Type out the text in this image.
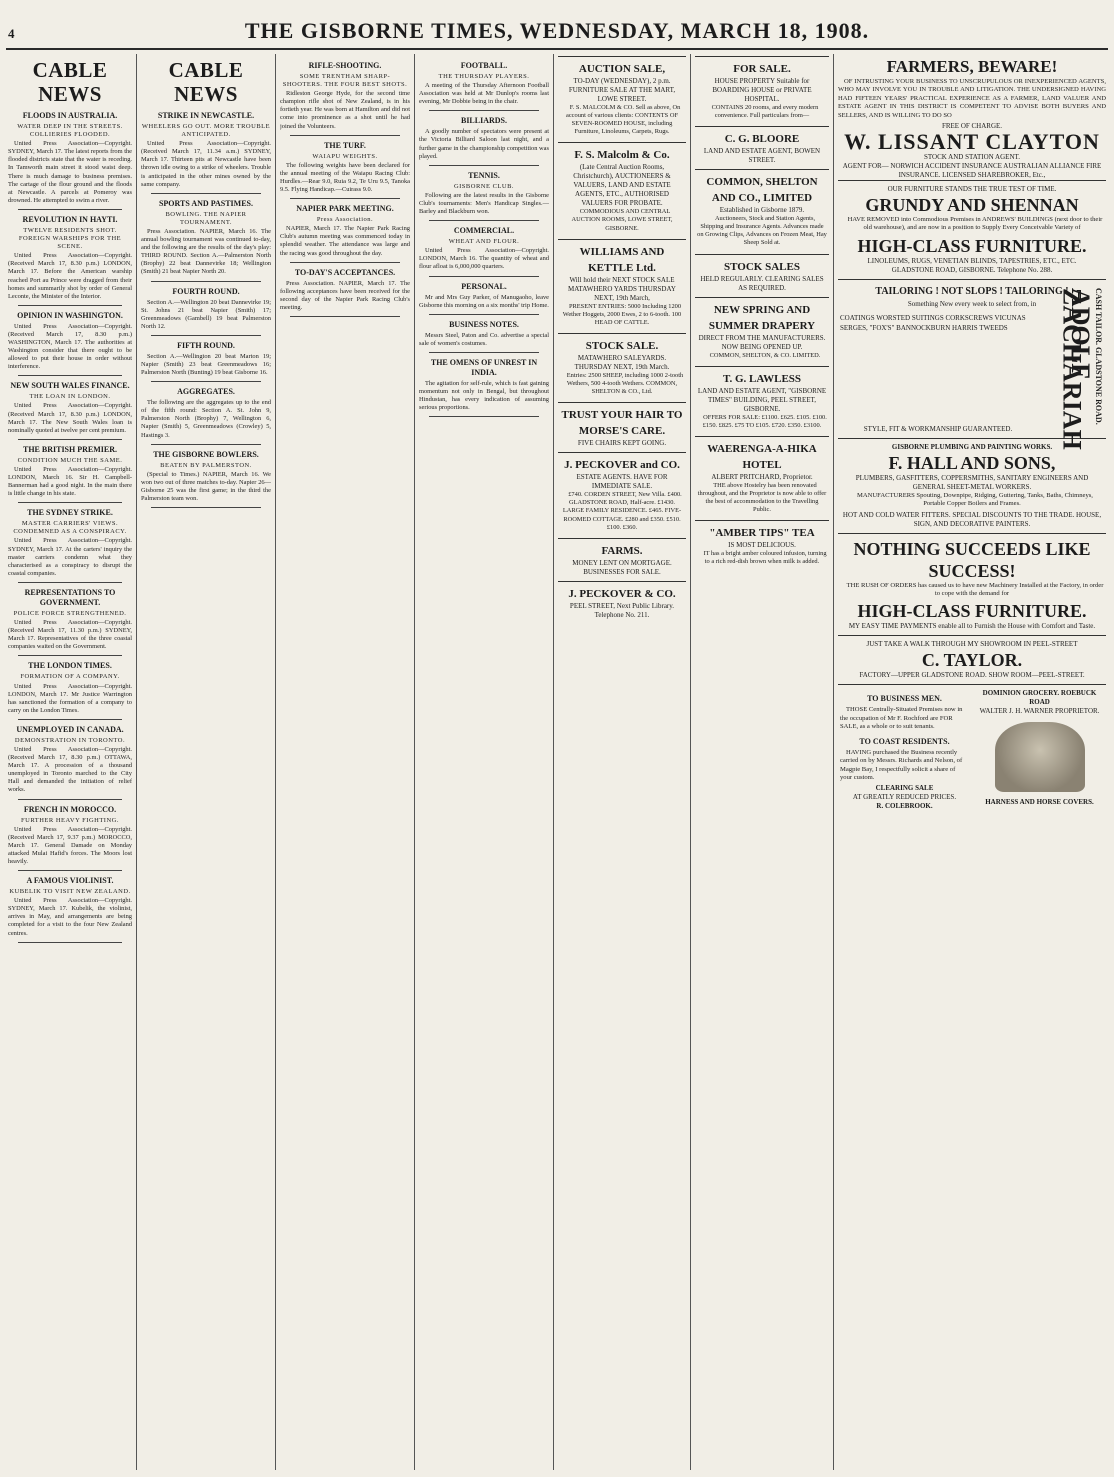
4	THE GISBORNE TIMES, WEDNESDAY, MARCH 18, 1908.
CABLE NEWS
FLOODS IN AUSTRALIA.
WATER DEEP IN THE STREETS. COLLIERIES FLOODED.

United Press Association—Copyright. SYDNEY, March 17. The latest reports from the flooded districts state that the water is receding. In Tamworth main street it stood waist deep. There is much damage to business premises. The cartage of the flour ground and the floods at Newcastle. A parcels at Pomeroy was drowned. He attempted to swim a river.

REVOLUTION IN HAYTI.
TWELVE RESIDENTS SHOT. FOREIGN WARSHIPS FOR THE SCENE.

United Press Association—Copyright. (Received March 17, 8.30 p.m.) LONDON, March 17. Before the American warship reached Port au Prince were dragged from their homes and summarily shot by order of General Leconte, the Minister of the Interior.

OPINION IN WASHINGTON.

United Press Association—Copyright. (Received March 17, 8.30 p.m.) WASHINGTON, March 17. The authorities at Washington consider that there ought to be allowed to put their house in order without interference.

NEW SOUTH WALES FINANCE.
THE LOAN IN LONDON.

United Press Association—Copyright. (Received March 17, 8.30 p.m.) LONDON, March 17. The New South Wales loan is nominally quoted at twelve per cent premium.

THE BRITISH PREMIER.
CONDITION MUCH THE SAME.

United Press Association—Copyright. LONDON, March 16. Sir H. Campbell-Bannerman had a good night. In the main there is little change in his state.

THE SYDNEY STRIKE.
MASTER CARRIERS' VIEWS. CONDEMNED AS A CONSPIRACY.

United Press Association—Copyright. SYDNEY, March 17. At the carters' inquiry the master carriers condemn what they characterised as a conspiracy to disrupt the coastal companies.

REPRESENTATIONS TO GOVERNMENT.
POLICE FORCE STRENGTHENED.

United Press Association—Copyright. (Received March 17, 11.30 p.m.) SYDNEY, March 17. Representatives of the three coastal companies waited on the Government.

THE LONDON TIMES.
FORMATION OF A COMPANY.

United Press Association—Copyright. LONDON, March 17. Mr Justice Warrington has sanctioned the formation of a company to carry on the London Times.

UNEMPLOYED IN CANADA.
DEMONSTRATION IN TORONTO.

United Press Association—Copyright. (Received March 17, 8.30 p.m.) OTTAWA, March 17. A procession of a thousand unemployed in Toronto marched to the City Hall and demanded the initiation of relief works.

FRENCH IN MOROCCO.
FURTHER HEAVY FIGHTING.

United Press Association—Copyright. (Received March 17, 9.37 p.m.) MOROCCO, March 17. General Damade on Monday attacked Mulai Hafid's forces. The Moors lost heavily.

A FAMOUS VIOLINIST.
KUBELIK TO VISIT NEW ZEALAND.

United Press Association—Copyright. SYDNEY, March 17. Kubelik, the violinist, arrives in May, and arrangements are being completed for a visit to the four New Zealand centres.

CABLE NEWS
STRIKE IN NEWCASTLE.
WHEELERS GO OUT. MORE TROUBLE ANTICIPATED.

United Press Association—Copyright. (Received March 17, 11.34 a.m.) SYDNEY, March 17. Thirteen pits at Newcastle have been thrown idle owing to a strike of wheelers. Trouble is anticipated in the other mines owned by the same company.

SPORTS AND PASTIMES.
BOWLING. THE NAPIER TOURNAMENT.

Press Association. NAPIER, March 16. The annual bowling tournament was continued to-day, and the following are the results of the day's play: THIRD ROUND. Section A.—Palmerston North (Brophy) 22 beat Dannevirke 18; Wellington (Smith) 21 beat Napier North 20.

FOURTH ROUND.

Section A.—Wellington 20 beat Dannevirke 19; St. Johns 21 beat Napier (Smith) 17; Greenmeadows (Gambell) 19 beat Palmerston North 12.

FIFTH ROUND.

Section A.—Wellington 20 beat Marton 19; Napier (Smith) 23 beat Greenmeadows 16; Palmerston North (Bunting) 19 beat Gisborne 16.

AGGREGATES.

The following are the aggregates up to the end of the fifth round: Section A. St. John 9, Palmerston North (Brophy) 7, Wellington 6, Napier (Smith) 5, Greenmeadows (Crowley) 5, Hastings 3.

THE GISBORNE BOWLERS.
BEATEN BY PALMERSTON.

(Special to Times.) NAPIER, March 16. We won two out of three matches to-day. Napier 26—Gisborne 25 was the first game; in the third the Palmerston team won.

RIFLE-SHOOTING.
SOME TRENTHAM SHARP-SHOOTERS. THE FOUR BEST SHOTS.

Ridleston George Hyde, for the second time champion rifle shot of New Zealand, is in his fortieth year. He was born at Hamilton and did not come into prominence as a shot until he had joined the Volunteers.

THE TURF.
WAIAPU WEIGHTS.

The following weights have been declared for the annual meeting of the Waiapu Racing Club: Hurdles.—Rear 9.0, Ruia 9.2, Te Uru 9.5, Tanoka 9.5. Flying Handicap.—Cuirass 9.0.

NAPIER PARK MEETING.
Press Association.

NAPIER, March 17. The Napier Park Racing Club's autumn meeting was commenced today in splendid weather. The attendance was large and the racing was good throughout the day.

TO-DAY'S ACCEPTANCES.

Press Association. NAPIER, March 17. The following acceptances have been received for the second day of the Napier Park Racing Club's meeting.

FOOTBALL.
THE THURSDAY PLAYERS.

A meeting of the Thursday Afternoon Football Association was held at Mr Dunlop's rooms last evening, Mr Dobbie being in the chair.

BILLIARDS.

A goodly number of spectators were present at the Victoria Billiard Saloon last night, and a further game in the championship competition was played.

TENNIS.
GISBORNE CLUB.

Following are the latest results in the Gisborne Club's tournaments: Men's Handicap Singles.—Barley and Blackburn won.

COMMERCIAL.
WHEAT AND FLOUR.

United Press Association—Copyright. LONDON, March 16. The quantity of wheat and flour afloat is 6,000,000 quarters.

PERSONAL.

Mr and Mrs Guy Parker, of Manugaoho, leave Gisborne this morning on a six months' trip Home.

BUSINESS NOTES.

Messrs Steel, Paton and Co. advertise a special sale of women's costumes.

THE OMENS OF UNREST IN INDIA.

The agitation for self-rule, which is fast gaining momentum not only in Bengal, but throughout Hindustan, has every indication of assuming serious proportions.

AUCTION SALE,
TO-DAY (WEDNESDAY), 2 p.m. FURNITURE SALE AT THE MART, LOWE STREET.

F. S. MALCOLM & CO. Sell as above, On account of various clients: CONTENTS OF SEVEN-ROOMED HOUSE, including Furniture, Linoleums, Carpets, Rugs.

F. S. Malcolm & Co.
(Late Central Auction Rooms, Christchurch), AUCTIONEERS & VALUERS, LAND AND ESTATE AGENTS, ETC., AUTHORISED VALUERS FOR PROBATE.

COMMODIOUS AND CENTRAL AUCTION ROOMS, LOWE STREET, GISBORNE.

WILLIAMS AND KETTLE Ltd.
Will hold their NEXT STOCK SALE MATAWHERO YARDS THURSDAY NEXT, 19th March,

PRESENT ENTRIES: 5000 Including 1200 Wether Hoggets, 2000 Ewes, 2 to 6-tooth. 100 HEAD OF CATTLE.

STOCK SALE.
MATAWHERO SALEYARDS. THURSDAY NEXT, 19th March.

Entries: 2500 SHEEP, including 1000 2-tooth Wethers, 500 4-tooth Wethers. COMMON, SHELTON & CO., Ltd.

TRUST YOUR HAIR TO MORSE'S CARE.
FIVE CHAIRS KEPT GOING.
J. PECKOVER and CO.
ESTATE AGENTS. HAVE FOR IMMEDIATE SALE.

£740. CORDEN STREET, New Villa. £400. GLADSTONE ROAD, Half-acre. £1430. LARGE FAMILY RESIDENCE. £465. FIVE-ROOMED COTTAGE. £280 and £350. £510. £100. £360.

FARMS.
MONEY LENT ON MORTGAGE. BUSINESSES FOR SALE.
J. PECKOVER & CO.
PEEL STREET, Next Public Library. Telephone No. 211.
FOR SALE.
HOUSE PROPERTY Suitable for BOARDING HOUSE or PRIVATE HOSPITAL.

CONTAINS 20 rooms, and every modern convenience. Full particulars from—

C. G. BLOORE
LAND AND ESTATE AGENT, BOWEN STREET.
COMMON, SHELTON AND CO., LIMITED
Established in Gisborne 1879.

Auctioneers, Stock and Station Agents, Shipping and Insurance Agents. Advances made on Growing Clips, Advances on Frozen Meat, Hay Sheep Sold at.

STOCK SALES
HELD REGULARLY. CLEARING SALES AS REQUIRED.
NEW SPRING AND SUMMER DRAPERY
DIRECT FROM THE MANUFACTURERS. NOW BEING OPENED UP.

COMMON, SHELTON, & CO. LIMITED.

T. G. LAWLESS
LAND AND ESTATE AGENT, "GISBORNE TIMES" BUILDING, PEEL STREET, GISBORNE.

OFFERS FOR SALE: £1100. £625. £105. £100. £150. £825. £75 TO £105. £720. £350. £3100.

WAERENGA-A-HIKA HOTEL
ALBERT PRITCHARD, Proprietor.

THE above Hostelry has been renovated throughout, and the Proprietor is now able to offer the best of accommodation to the Travelling Public.

"AMBER TIPS" TEA
IS MOST DELICIOUS.

IT has a bright amber coloured infusion, turning to a rich red-dish brown when milk is added.

FARMERS, BEWARE!

OF INTRUSTING YOUR BUSINESS TO UNSCRUPULOUS OR INEXPERIENCED AGENTS, WHO MAY INVOLVE YOU IN TROUBLE AND LITIGATION. THE UNDERSIGNED HAVING HAD FIFTEEN YEARS' PRACTICAL EXPERIENCE AS A FARMER, LAND VALUER AND ESTATE AGENT IN THIS DISTRICT IS COMPETENT TO ADVISE BOTH BUYERS AND SELLERS, AND IS WILLING TO DO SO

FREE OF CHARGE.
W. LISSANT CLAYTON
STOCK AND STATION AGENT.
AGENT FOR— NORWICH ACCIDENT INSURANCE AUSTRALIAN ALLIANCE FIRE INSURANCE. LICENSED SHAREBROKER, Etc.,
OUR FURNITURE STANDS THE TRUE TEST OF TIME.
GRUNDY AND SHENNAN

HAVE REMOVED into Commodious Premises in ANDREWS' BUILDINGS (next door to their old warehouse), and are now in a position to Supply Every Conceivable Variety of

HIGH-CLASS FURNITURE.
LINOLEUMS, RUGS, VENETIAN BLINDS, TAPESTRIES, ETC., ETC.
GLADSTONE ROAD, GISBORNE. Telephone No. 288.
TAILORING ! NOT SLOPS ! TAILORING !
Something New every week to select from, in
COATINGS WORSTED SUITINGS CORKSCREWS VICUNAS SERGES, "FOX'S" BANNOCKBURN HARRIS TWEEDS	ADOLF ZACHARIAH CASH TAILOR. GLADSTONE ROAD.
STYLE, FIT & WORKMANSHIP GUARANTEED.
GISBORNE PLUMBING AND PAINTING WORKS.
F. HALL AND SONS,
PLUMBERS, GASFITTERS, COPPERSMITHS, SANITARY ENGINEERS AND GENERAL SHEET-METAL WORKERS.

MANUFACTURERS Spouting, Downpipe, Ridging, Guttering, Tanks, Baths, Chimneys, Portable Copper Boilers and Frames.

HOT AND COLD WATER FITTERS. SPECIAL DISCOUNTS TO THE TRADE. HOUSE, SIGN, AND DECORATIVE PAINTERS.
NOTHING SUCCEEDS LIKE SUCCESS!

THE RUSH OF ORDERS has caused us to have new Machinery Installed at the Factory, in order to cope with the demand for

HIGH-CLASS FURNITURE.
MY EASY TIME PAYMENTS enable all to Furnish the House with Comfort and Taste.
JUST TAKE A WALK THROUGH MY SHOWROOM IN PEEL-STREET
C. TAYLOR.
FACTORY—UPPER GLADSTONE ROAD. SHOW ROOM—PEEL-STREET.
TO BUSINESS MEN.

THOSE Centrally-Situated Premises now in the occupation of Mr F. Rochford are FOR SALE, as a whole or to suit tenants.

TO COAST RESIDENTS.

HAVING purchased the Business recently carried on by Messrs. Richards and Nelson, of Magpie Bay, I respectfully solicit a share of your custom.

CLEARING SALE
AT GREATLY REDUCED PRICES.
R. COLEBROOK.
DOMINION GROCERY. ROEBUCK ROAD
WALTER J. H. WARNER PROPRIETOR.
HARNESS AND HORSE COVERS.
